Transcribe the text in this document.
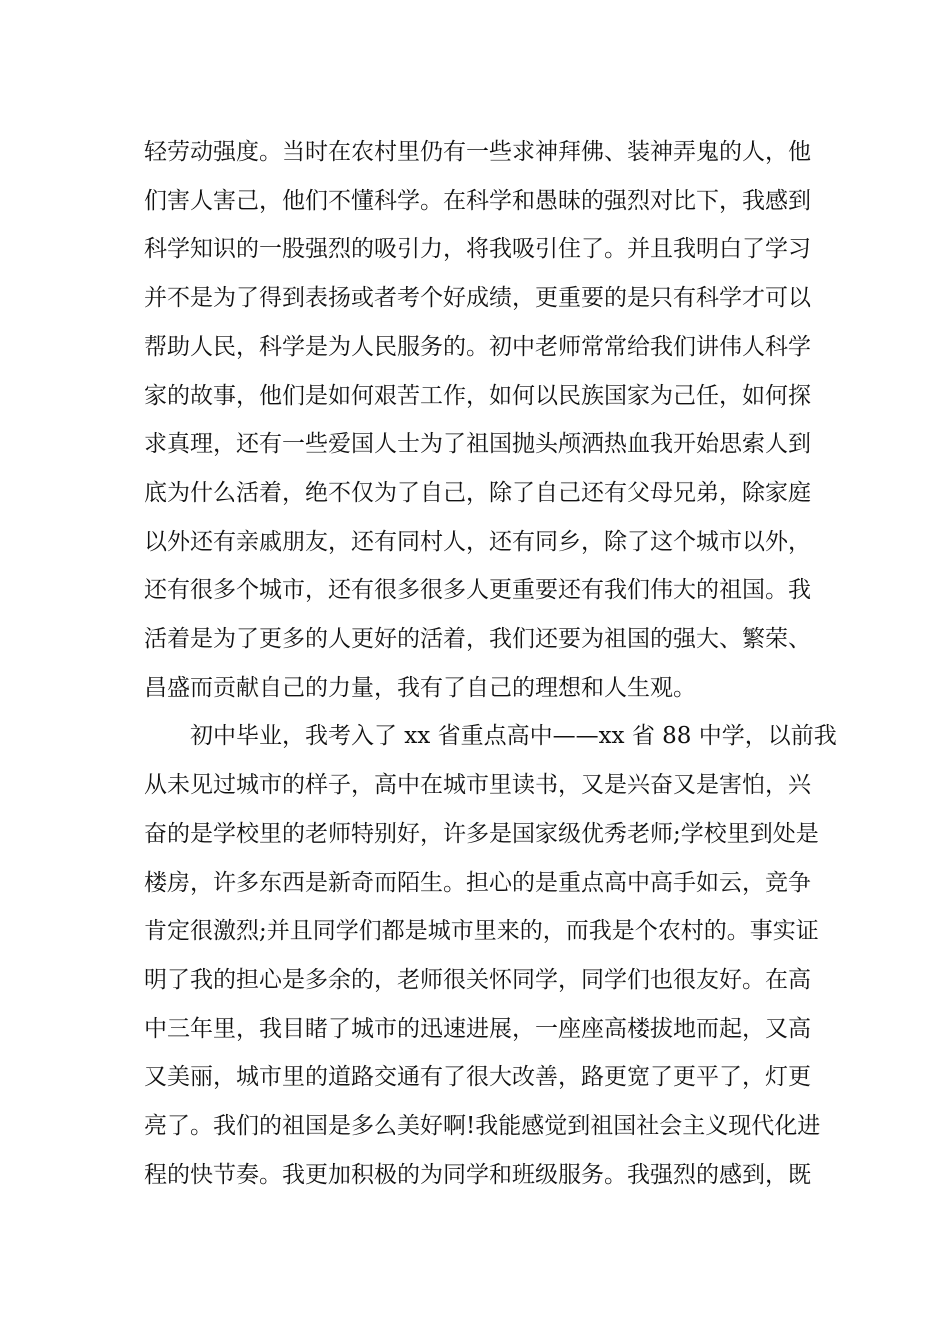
轻劳动强度。当时在农村里仍有一些求神拜佛、装神弄鬼的人，他
们害人害己，他们不懂科学。在科学和愚昧的强烈对比下，我感到
科学知识的一股强烈的吸引力，将我吸引住了。并且我明白了学习
并不是为了得到表扬或者考个好成绩，更重要的是只有科学才可以
帮助人民，科学是为人民服务的。初中老师常常给我们讲伟人科学
家的故事，他们是如何艰苦工作，如何以民族国家为己任，如何探
求真理，还有一些爱国人士为了祖国抛头颅洒热血我开始思索人到
底为什么活着，绝不仅为了自己，除了自己还有父母兄弟，除家庭
以外还有亲戚朋友，还有同村人，还有同乡，除了这个城市以外，
还有很多个城市，还有很多很多人更重要还有我们伟大的祖国。我
活着是为了更多的人更好的活着，我们还要为祖国的强大、繁荣、
昌盛而贡献自己的力量，我有了自己的理想和人生观。
初中毕业，我考入了 xx 省重点高中——xx 省 88 中学，以前我
从未见过城市的样子，高中在城市里读书，又是兴奋又是害怕，兴
奋的是学校里的老师特别好，许多是国家级优秀老师;学校里到处是
楼房，许多东西是新奇而陌生。担心的是重点高中高手如云，竞争
肯定很激烈;并且同学们都是城市里来的，而我是个农村的。事实证
明了我的担心是多余的，老师很关怀同学，同学们也很友好。在高
中三年里，我目睹了城市的迅速进展，一座座高楼拔地而起，又高
又美丽，城市里的道路交通有了很大改善，路更宽了更平了，灯更
亮了。我们的祖国是多么美好啊!我能感觉到祖国社会主义现代化进
程的快节奏。我更加积极的为同学和班级服务。我强烈的感到，既
